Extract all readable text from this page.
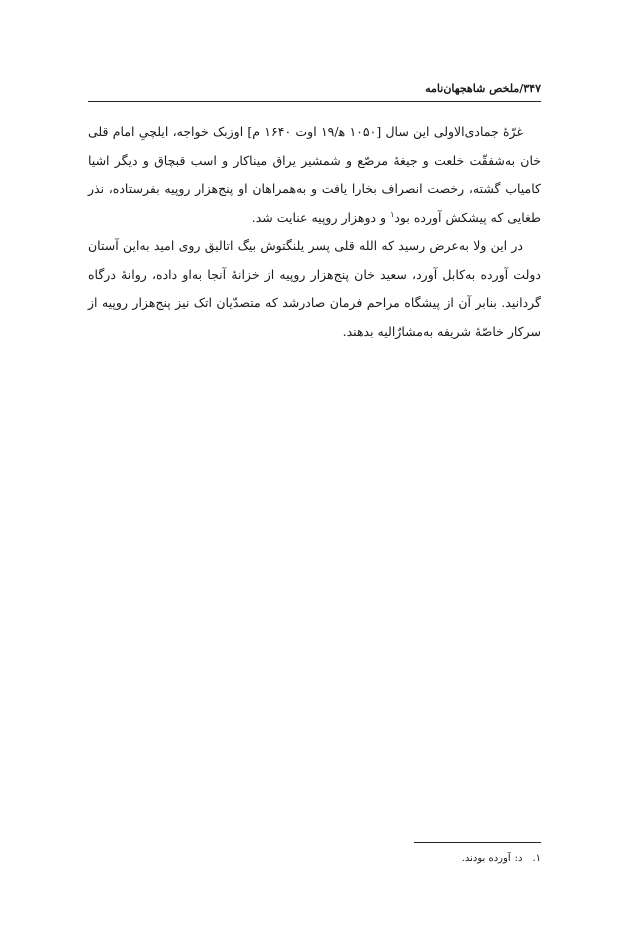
۳۴۷/ملخص شاهجهان‌نامه

غرّهٔ جمادی‌الاولی این سال [۱۰۵۰ ه‍/۱۹ اوت ۱۶۴۰ م] اوزبک خواجه، ایلچیِ امام قلی خان به‌شفقّت خلعت و جیغهٔ مرصّع و شمشیر یراق میناکار و اسب قبچاق و دیگر اشیا کامیاب گشته، رخصت انصراف بخارا یافت و به‌همراهان او پنج‌هزار روپیه بفرستاده، نذر طغایی که پیشکش آورده بود$^۱$ و دوهزار روپیه عنایت شد.

در این ولا به‌عرض رسید که الله قلی پسر یلنگتوش بیگ اتالیق روی امید به‌این آستان دولت آورده به‌کابل آورد، سعید خان پنج‌هزار روپیه از خزانهٔ آنجا به‌او داده، روانهٔ درگاه گردانید. بنابر آن از پیشگاه مراحم فرمان صادرشد که متصدّیان اتک نیز پنج‌هزار روپیه از سرکار خاصّهٔ شریفه به‌مشارٌالیه بدهند.

۱.د:آورده بودند.
